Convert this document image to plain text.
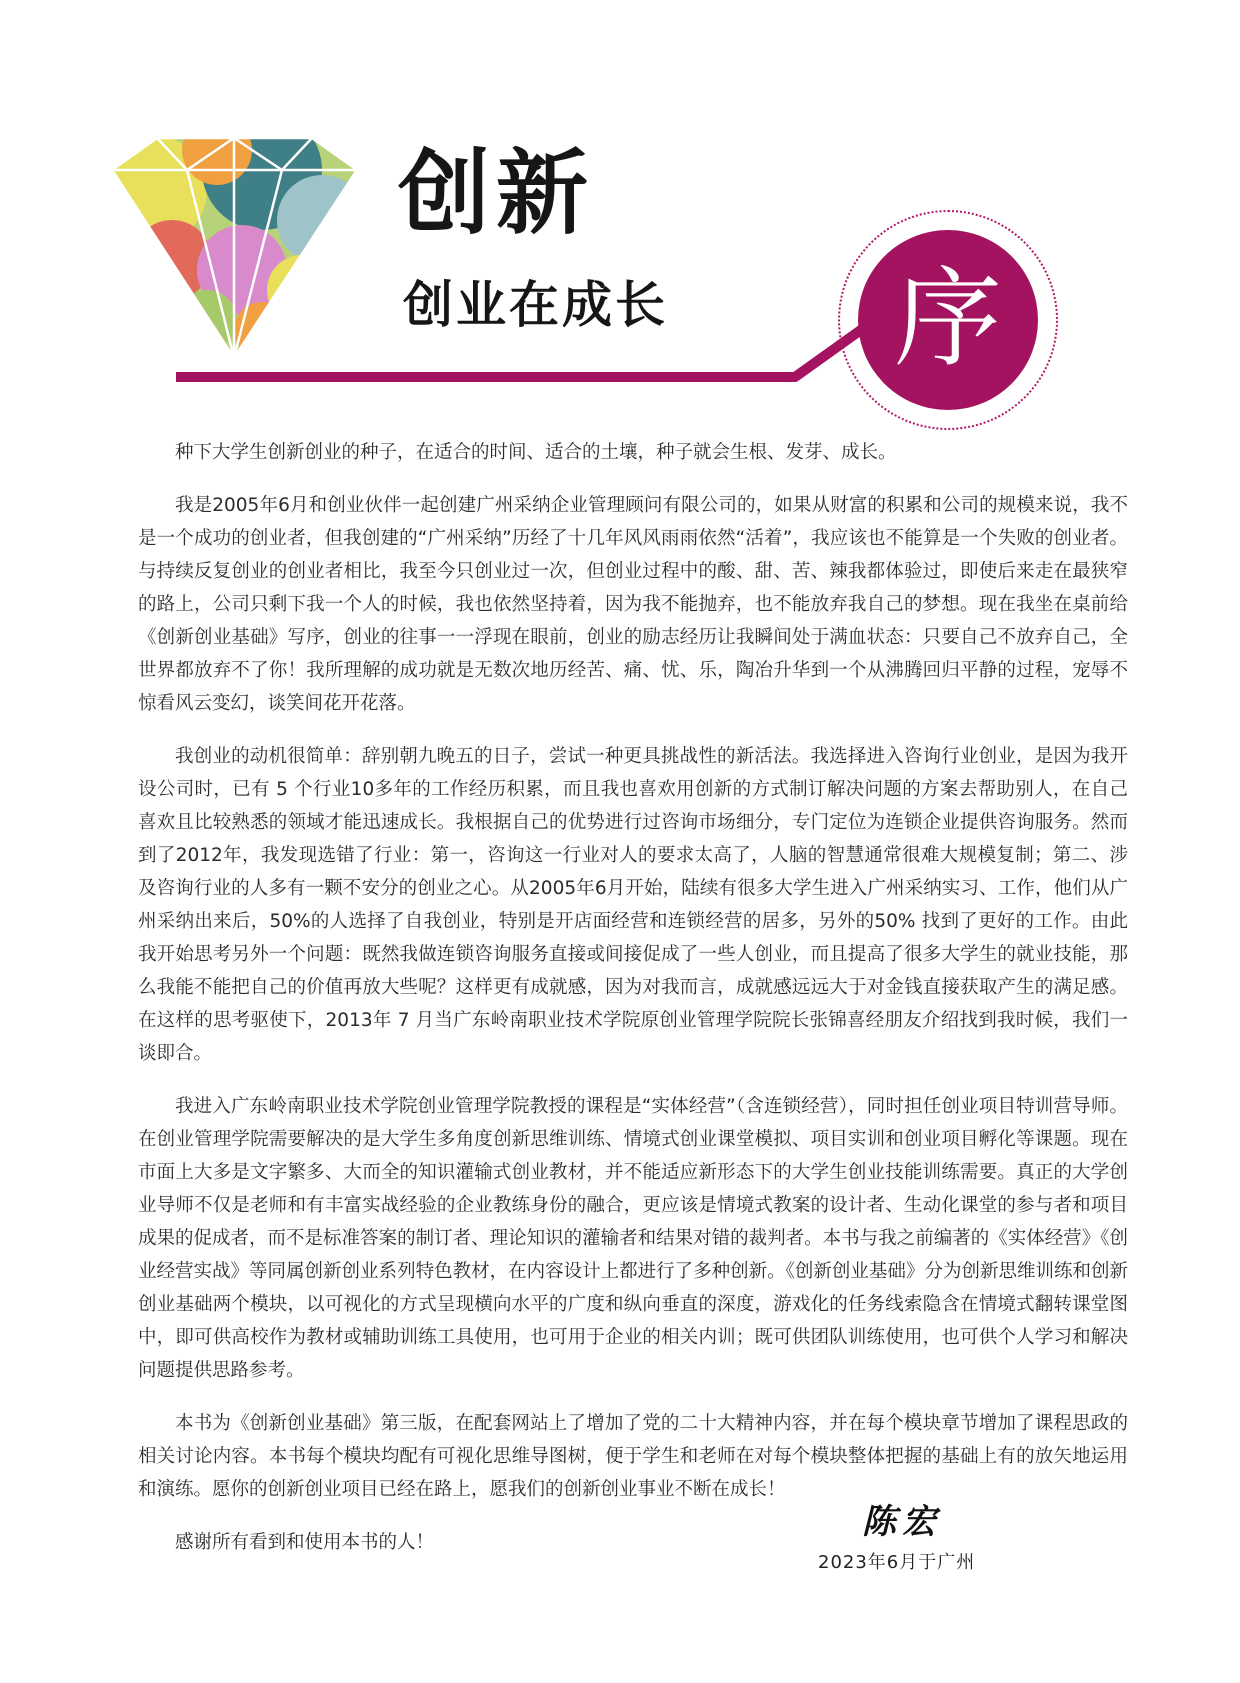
创新
创业在成长	序

种下大学生创新创业的种子，在适合的时间、适合的土壤，种子就会生根、发芽、成长。

我是2005年6月和创业伙伴一起创建广州采纳企业管理顾问有限公司的，如果从财富的积累和公司的规模来说，我不是一个成功的创业者，但我创建的“广州采纳”历经了十几年风风雨雨依然“活着”，我应该也不能算是一个失败的创业者。与持续反复创业的创业者相比，我至今只创业过一次，但创业过程中的酸、甜、苦、辣我都体验过，即使后来走在最狭窄的路上，公司只剩下我一个人的时候，我也依然坚持着，因为我不能抛弃，也不能放弃我自己的梦想。现在我坐在桌前给《创新创业基础》写序，创业的往事一一浮现在眼前，创业的励志经历让我瞬间处于满血状态：只要自己不放弃自己，全世界都放弃不了你！我所理解的成功就是无数次地历经苦、痛、忧、乐，陶冶升华到一个从沸腾回归平静的过程，宠辱不惊看风云变幻，谈笑间花开花落。

我创业的动机很简单：辞别朝九晚五的日子，尝试一种更具挑战性的新活法。我选择进入咨询行业创业，是因为我开设公司时，已有 5 个行业10多年的工作经历积累，而且我也喜欢用创新的方式制订解决问题的方案去帮助别人，在自己喜欢且比较熟悉的领域才能迅速成长。我根据自己的优势进行过咨询市场细分，专门定位为连锁企业提供咨询服务。然而到了2012年，我发现选错了行业：第一，咨询这一行业对人的要求太高了，人脑的智慧通常很难大规模复制；第二、涉及咨询行业的人多有一颗不安分的创业之心。从2005年6月开始，陆续有很多大学生进入广州采纳实习、工作，他们从广州采纳出来后，50%的人选择了自我创业，特别是开店面经营和连锁经营的居多，另外的50% 找到了更好的工作。由此我开始思考另外一个问题：既然我做连锁咨询服务直接或间接促成了一些人创业，而且提高了很多大学生的就业技能，那么我能不能把自己的价值再放大些呢？这样更有成就感，因为对我而言，成就感远远大于对金钱直接获取产生的满足感。在这样的思考驱使下，2013年 7 月当广东岭南职业技术学院原创业管理学院院长张锦喜经朋友介绍找到我时候，我们一谈即合。

我进入广东岭南职业技术学院创业管理学院教授的课程是“实体经营”（含连锁经营），同时担任创业项目特训营导师。在创业管理学院需要解决的是大学生多角度创新思维训练、情境式创业课堂模拟、项目实训和创业项目孵化等课题。现在市面上大多是文字繁多、大而全的知识灌输式创业教材，并不能适应新形态下的大学生创业技能训练需要。真正的大学创业导师不仅是老师和有丰富实战经验的企业教练身份的融合，更应该是情境式教案的设计者、生动化课堂的参与者和项目成果的促成者，而不是标准答案的制订者、理论知识的灌输者和结果对错的裁判者。本书与我之前编著的《实体经营》《创业经营实战》等同属创新创业系列特色教材，在内容设计上都进行了多种创新。《创新创业基础》分为创新思维训练和创新创业基础两个模块，以可视化的方式呈现横向水平的广度和纵向垂直的深度，游戏化的任务线索隐含在情境式翻转课堂图中，即可供高校作为教材或辅助训练工具使用，也可用于企业的相关内训；既可供团队训练使用，也可供个人学习和解决问题提供思路参考。

本书为《创新创业基础》第三版，在配套网站上了增加了党的二十大精神内容，并在每个模块章节增加了课程思政的相关讨论内容。本书每个模块均配有可视化思维导图树，便于学生和老师在对每个模块整体把握的基础上有的放矢地运用和演练。愿你的创新创业项目已经在路上，愿我们的创新创业事业不断在成长！

感谢所有看到和使用本书的人！

陈宏
2023年6月于广州
